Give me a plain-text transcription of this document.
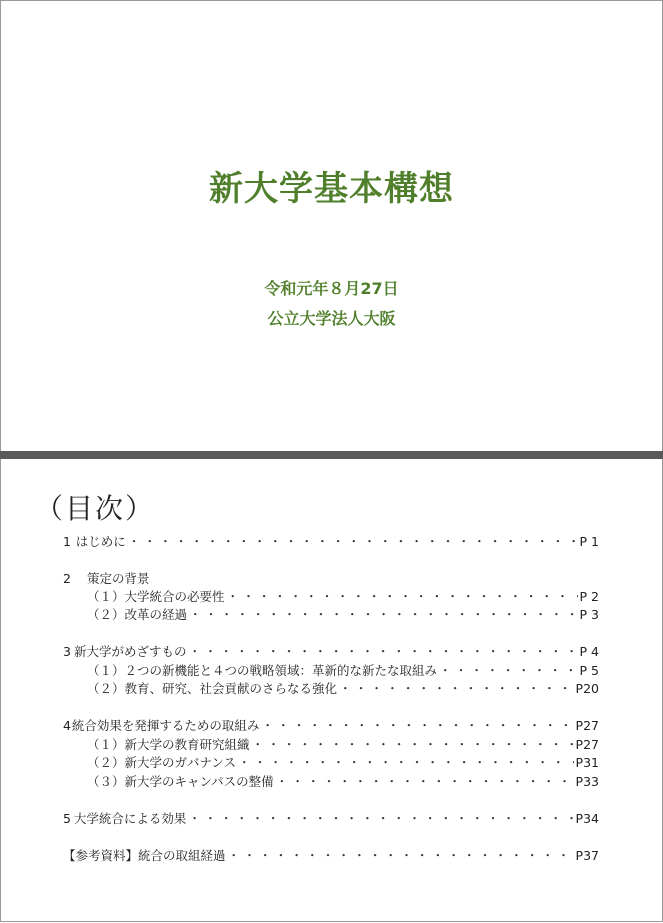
新大学基本構想
令和元年８月27日
公立大学法人大阪
（目次）
1 はじめに ・・・・・・・・・・・・・・・・・・・・・・・・・・・・・・・・・・・・・・・・・・・・・・・・・・・・・・	P 1
2	策定の背景
（１）大学統合の必要性 ・・・・・・・・・・・・・・・・・・・・・・・・・・・・・・・・・・・・・・・・・・・・・・・・・・・・・・	P 2
（２）改革の経過 ・・・・・・・・・・・・・・・・・・・・・・・・・・・・・・・・・・・・・・・・・・・・・・・・・・・・・・	P 3
3 新大学がめざすもの ・・・・・・・・・・・・・・・・・・・・・・・・・・・・・・・・・・・・・・・・・・・・・・・・・・・・・・	P 4
（１）２つの新機能と４つの戦略領域：革新的な新たな取組み ・・・・・・・・・・・・・・・・・・・・・・・・・・・・・・・・・・・・・・・・・・・・・・・・・・・・・・	P 5
（２）教育、研究、社会貢献のさらなる強化 ・・・・・・・・・・・・・・・・・・・・・・・・・・・・・・・・・・・・・・・・・・・・・・・・・・・・・・	P20
4 統合効果を発揮するための取組み ・・・・・・・・・・・・・・・・・・・・・・・・・・・・・・・・・・・・・・・・・・・・・・・・・・・・・・	P27
（１）新大学の教育研究組織 ・・・・・・・・・・・・・・・・・・・・・・・・・・・・・・・・・・・・・・・・・・・・・・・・・・・・・・	P27
（２）新大学のガバナンス ・・・・・・・・・・・・・・・・・・・・・・・・・・・・・・・・・・・・・・・・・・・・・・・・・・・・・・	P31
（３）新大学のキャンパスの整備 ・・・・・・・・・・・・・・・・・・・・・・・・・・・・・・・・・・・・・・・・・・・・・・・・・・・・・・	P33
5 大学統合による効果 ・・・・・・・・・・・・・・・・・・・・・・・・・・・・・・・・・・・・・・・・・・・・・・・・・・・・・・	P34
【参考資料】統合の取組経過 ・・・・・・・・・・・・・・・・・・・・・・・・・・・・・・・・・・・・・・・・・・・・・・・・・・・・・・	P37
